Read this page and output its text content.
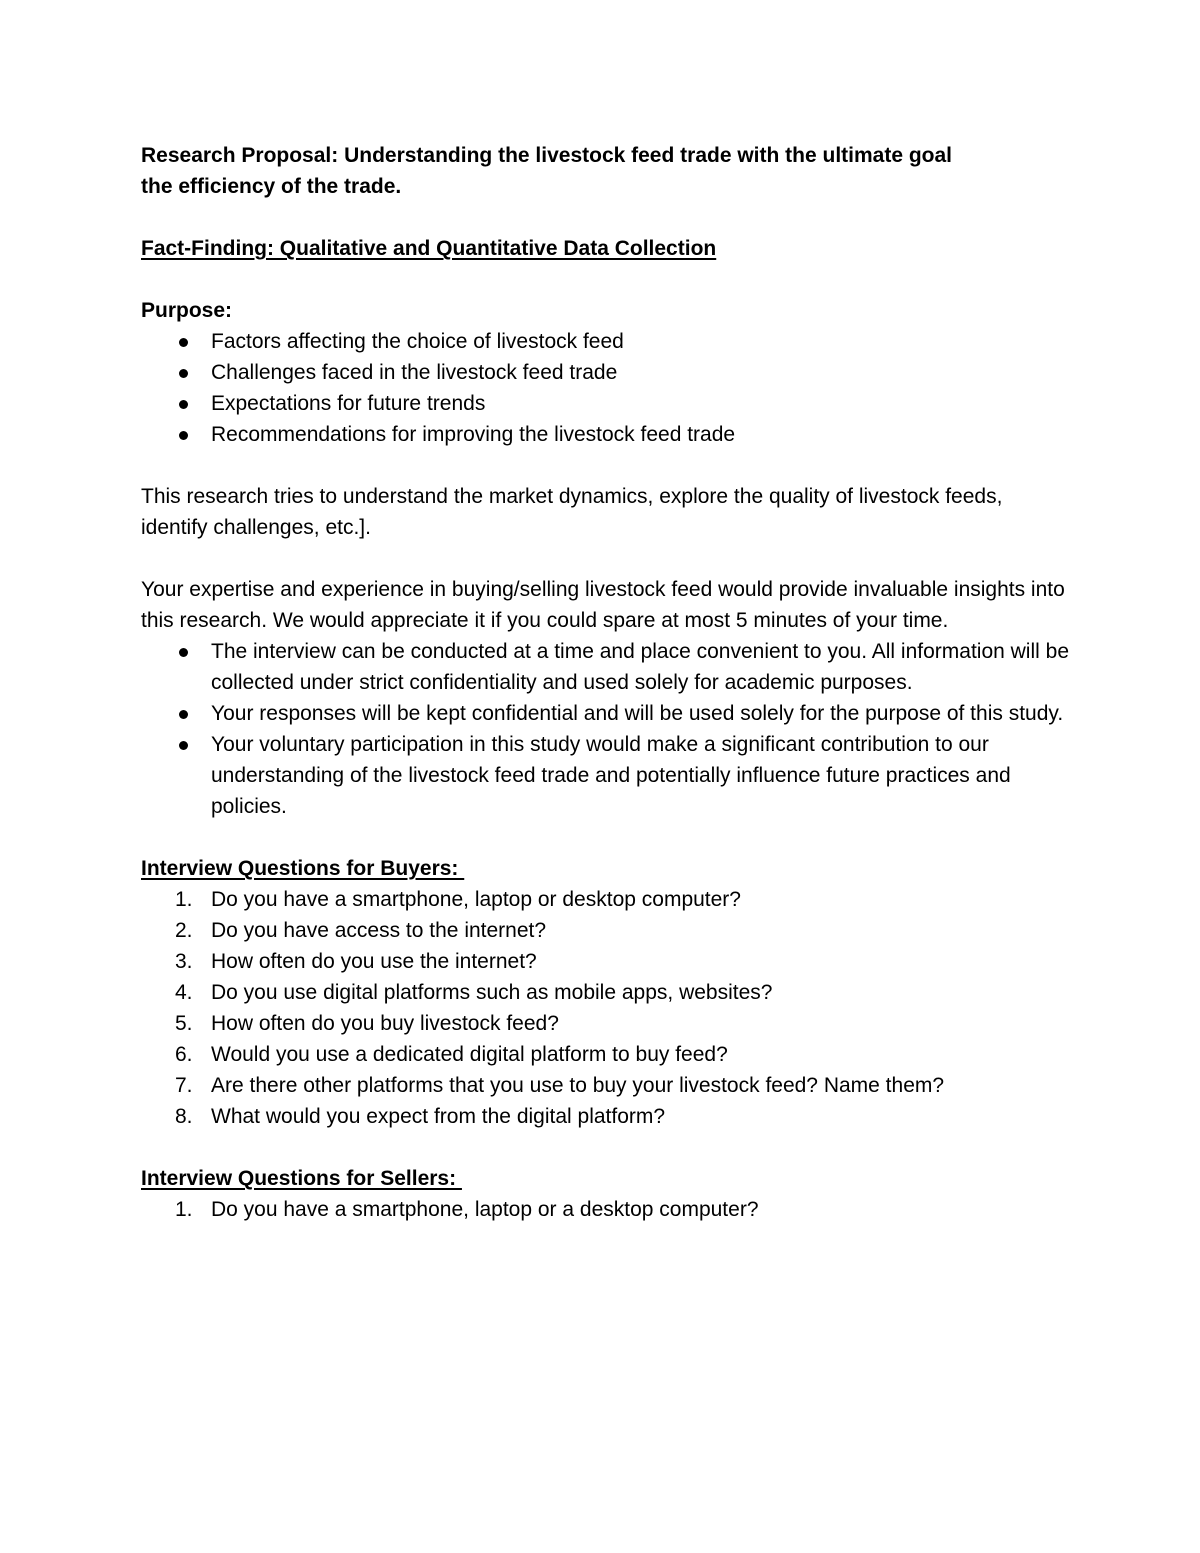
Research Proposal: Understanding the livestock feed trade with the ultimate goal
the efficiency of the trade.

Fact-Finding: Qualitative and Quantitative Data Collection

Purpose:

Factors affecting the choice of livestock feed
Challenges faced in the livestock feed trade
Expectations for future trends
Recommendations for improving the livestock feed trade

This research tries to understand the market dynamics, explore the quality of livestock feeds, identify challenges, etc.].

Your expertise and experience in buying/selling livestock feed would provide invaluable insights into this research. We would appreciate it if you could spare at most 5 minutes of your time.

The interview can be conducted at a time and place convenient to you. All information will be collected under strict confidentiality and used solely for academic purposes.
Your responses will be kept confidential and will be used solely for the purpose of this study.
Your voluntary participation in this study would make a significant contribution to our understanding of the livestock feed trade and potentially influence future practices and policies.

Interview Questions for Buyers:

1. Do you have a smartphone, laptop or desktop computer?
2. Do you have access to the internet?
3. How often do you use the internet?
4. Do you use digital platforms such as mobile apps, websites?
5. How often do you buy livestock feed?
6. Would you use a dedicated digital platform to buy feed?
7. Are there other platforms that you use to buy your livestock feed? Name them?
8. What would you expect from the digital platform?

Interview Questions for Sellers:

1. Do you have a smartphone, laptop or a desktop computer?
